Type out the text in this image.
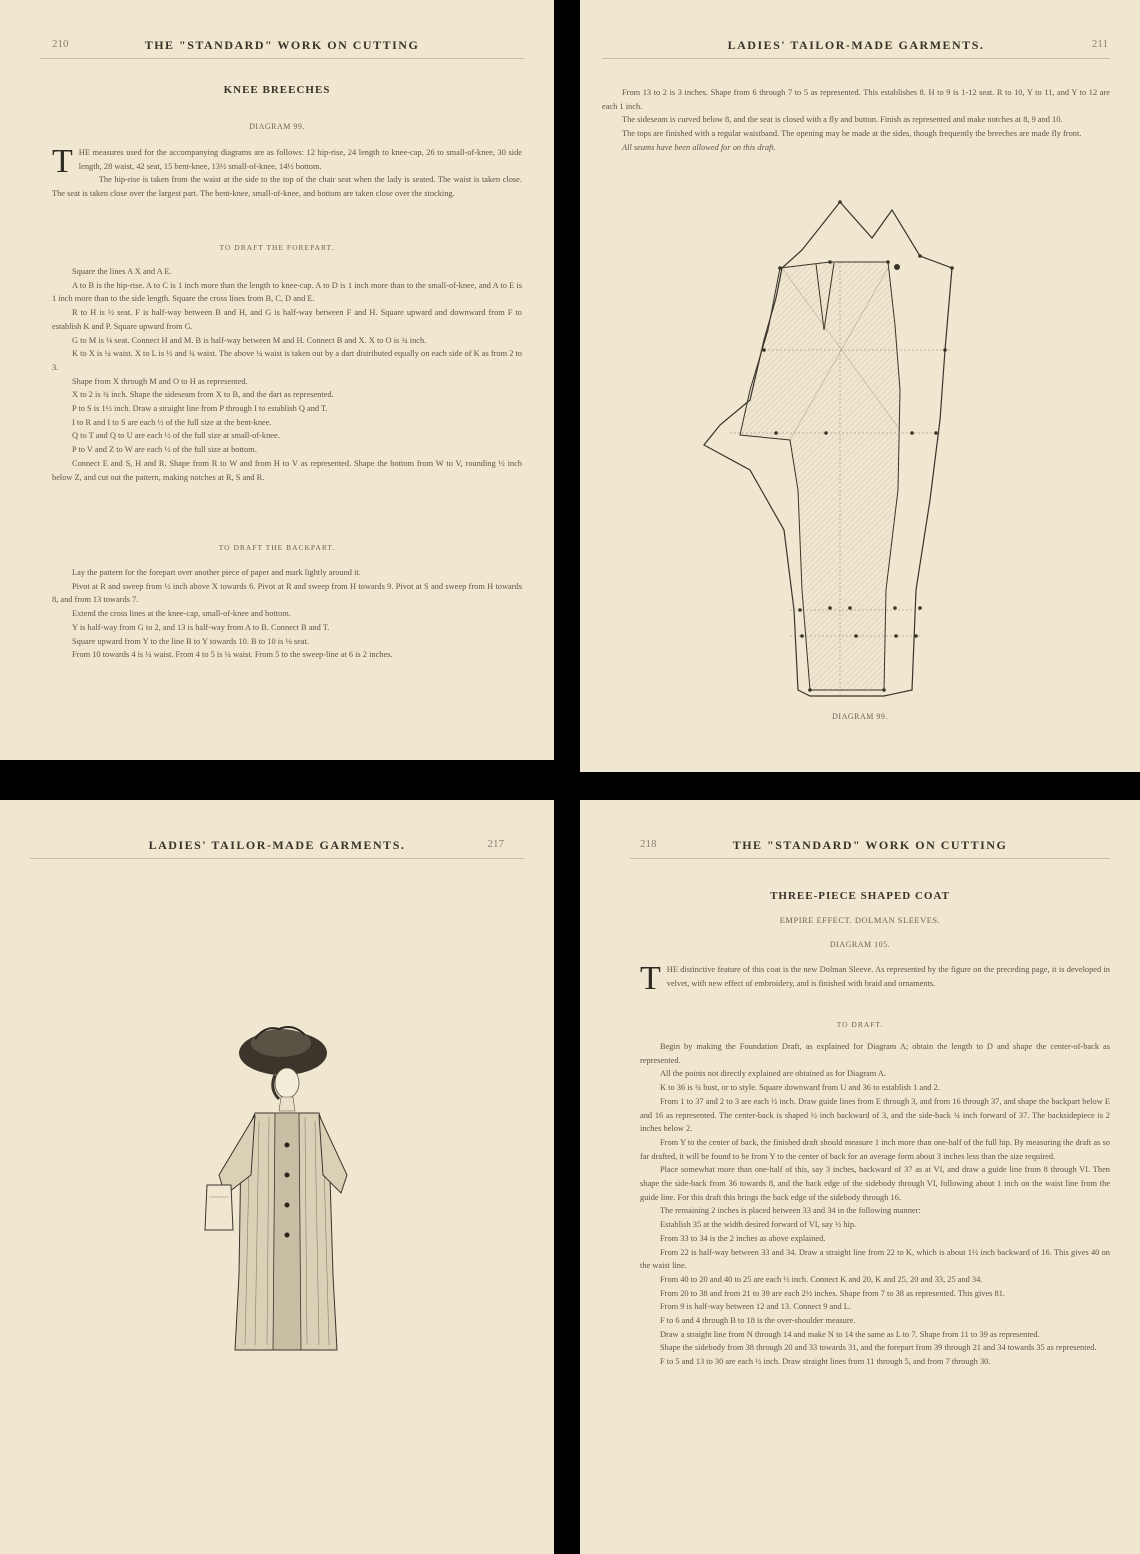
210	THE "STANDARD" WORK ON CUTTING
KNEE BREECHES
DIAGRAM 99.
T HE measures used for the accompanying diagrams are as follows: 12 hip-rise, 24 length to knee-cap, 26 to small-of-knee, 30 side length, 28 waist, 42 seat, 15 bent-knee, 13½ small-of-knee, 14½ bottom.

The hip-rise is taken from the waist at the side to the top of the chair seat when the lady is seated. The waist is taken close. The seat is taken close over the largest part. The bent-knee, small-of-knee, and bottom are taken close over the stocking.

TO DRAFT THE FOREPART.

Square the lines A X and A E.

A to B is the hip-rise. A to C is 1 inch more than the length to knee-cap. A to D is 1 inch more than to the small-of-knee, and A to E is 1 inch more than to the side length. Square the cross lines from B, C, D and E.

R to H is ½ seat. F is half-way between B and H, and G is half-way between F and H. Square upward and downward from F to establish K and P. Square upward from G.

G to M is ⅛ seat. Connect H and M. B is half-way between M and H. Connect B and X. X to O is ¾ inch.

K to X is ¼ waist. X to L is ½ and ¾ waist. The above ¼ waist is taken out by a dart distributed equally on each side of K as from 2 to 3.

Shape from X through M and O to H as represented.

X to 2 is ¾ inch. Shape the sideseam from X to B, and the dart as represented.

P to S is 1½ inch. Draw a straight line from P through I to establish Q and T.

I to R and I to S are each ½ of the full size at the bent-knee.

Q to T and Q to U are each ½ of the full size at small-of-knee.

P to V and Z to W are each ½ of the full size at bottom.

Connect E and S, H and R. Shape from R to W and from H to V as represented. Shape the bottom from W to V, rounding ½ inch below Z, and cut out the pattern, making notches at R, S and R.

TO DRAFT THE BACKPART.

Lay the pattern for the forepart over another piece of paper and mark lightly around it.

Pivot at R and sweep from ½ inch above X towards 6. Pivot at R and sweep from H towards 9. Pivot at S and sweep from H towards 8, and from 13 towards 7.

Extend the cross lines at the knee-cap, small-of-knee and bottom.

Y is half-way from G to 2, and 13 is half-way from A to B. Connect B and T.

Square upward from Y to the line B to Y towards 10. B to 10 is ⅛ seat.

From 10 towards 4 is ¼ waist. From 4 to 5 is ¼ waist. From 5 to the sweep-line at 6 is 2 inches.

LADIES' TAILOR-MADE GARMENTS.	211

From 13 to 2 is 3 inches. Shape from 6 through 7 to 5 as represented. This establishes 8. H to 9 is 1-12 seat. R to 10, Y to 11, and Y to 12 are each 1 inch.

The sideseam is curved below 8, and the seat is closed with a fly and button. Finish as represented and make notches at 8, 9 and 10.

The tops are finished with a regular waistband. The opening may be made at the sides, though frequently the breeches are made fly front.

All seams have been allowed for on this draft.

DIAGRAM 99.
LADIES' TAILOR-MADE GARMENTS.	217	218	THE "STANDARD" WORK ON CUTTING
THREE-PIECE SHAPED COAT
EMPIRE EFFECT. DOLMAN SLEEVES.
DIAGRAM 105.
T HE distinctive feature of this coat is the new Dolman Sleeve. As represented by the figure on the preceding page, it is developed in velvet, with new effect of embroidery, and is finished with braid and ornaments.

TO DRAFT.

Begin by making the Foundation Draft, as explained for Diagram A; obtain the length to D and shape the center-of-back as represented.

All the points not directly explained are obtained as for Diagram A.

K to 36 is ¾ bust, or to style. Square downward from U and 36 to establish 1 and 2.

From 1 to 37 and 2 to 3 are each ½ inch. Draw guide lines from E through 3, and from 16 through 37, and shape the backpart below E and 16 as represented. The center-back is shaped ½ inch backward of 3, and the side-back ¾ inch forward of 37. The backsidepiece is 2 inches below 2.

From Y to the center of back, the finished draft should measure 1 inch more than one-half of the full hip. By measuring the draft as so far drafted, it will be found to be from Y to the center of back for an average form about 3 inches less than the size required.

Place somewhat more than one-half of this, say 3 inches, backward of 37 as at VI, and draw a guide line from 8 through VI. Then shape the side-back from 36 towards 8, and the back edge of the sidebody through VI, following about 1 inch on the waist line from the guide line. For this draft this brings the back edge of the sidebody through 16.

The remaining 2 inches is placed between 33 and 34 in the following manner:

Establish 35 at the width desired forward of VI, say ½ hip.

From 33 to 34 is the 2 inches as above explained.

From 22 is half-way between 33 and 34. Draw a straight line from 22 to K, which is about 1½ inch backward of 16. This gives 40 on the waist line.

From 40 to 20 and 40 to 25 are each ½ inch. Connect K and 20, K and 25, 20 and 33, 25 and 34.

From 20 to 38 and from 21 to 39 are each 2½ inches. Shape from 7 to 38 as represented. This gives 81.

From 9 is half-way between 12 and 13. Connect 9 and L.

F to 6 and 4 through B to 18 is the over-shoulder measure.

Draw a straight line from N through 14 and make N to 14 the same as L to 7. Shape from 11 to 39 as represented.

Shape the sidebody from 38 through 20 and 33 towards 31, and the forepart from 39 through 21 and 34 towards 35 as represented.

F to 5 and 13 to 30 are each ½ inch. Draw straight lines from 11 through 5, and from 7 through 30.
